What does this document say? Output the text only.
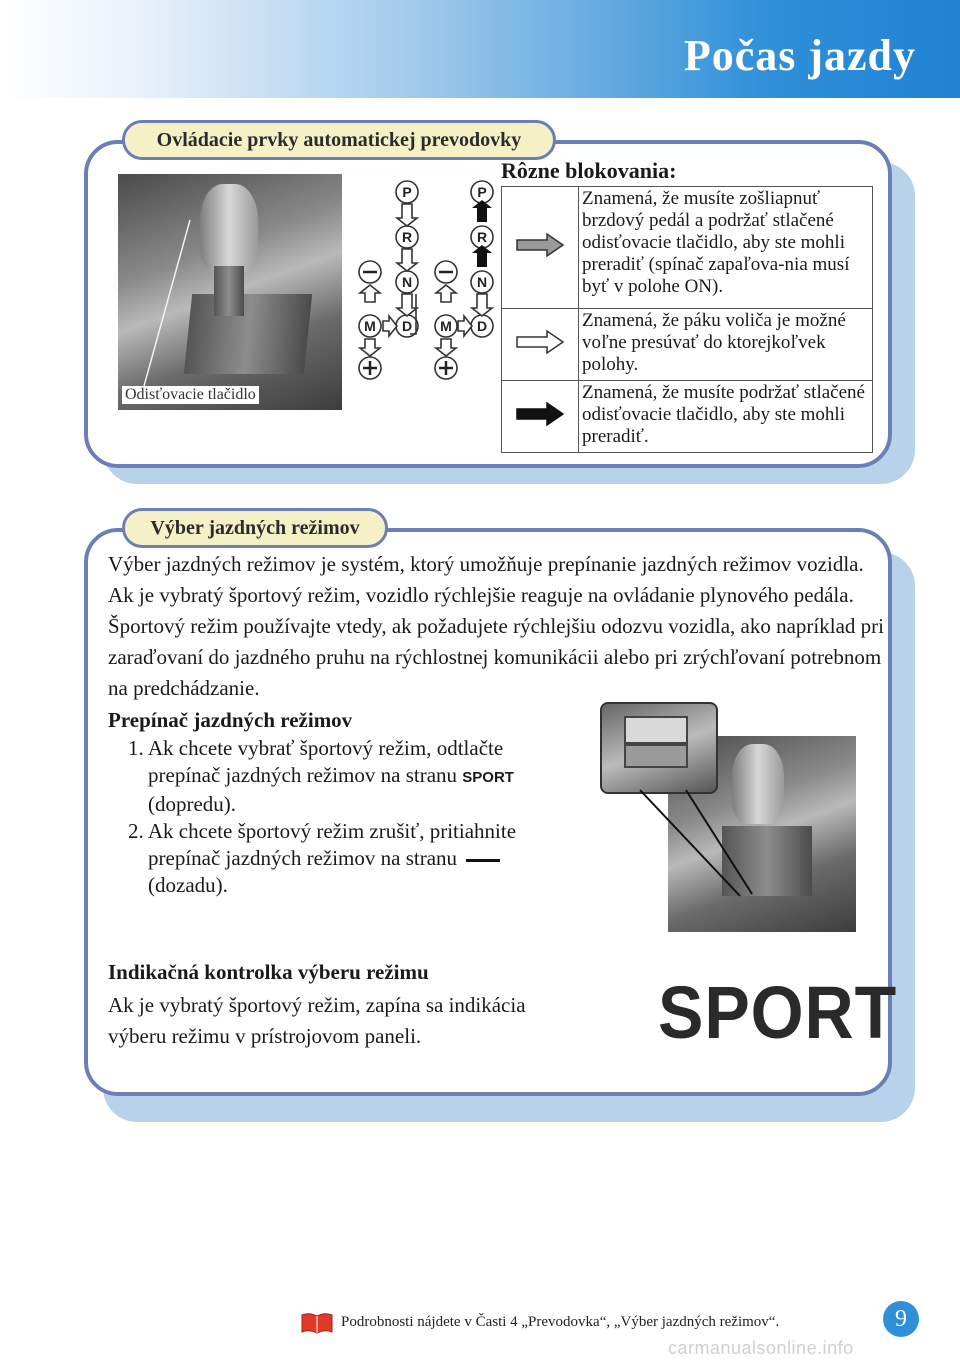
Počas jazdy
Ovládacie prvky automatickej prevodovky
Odisťovacie tlačidlo
P
R
N
M D
P
R
N
M D
Rôzne blokovania:
	Znamená, že musíte zošliapnuť brzdový pedál a podržať stlačené odisťovacie tlačidlo, aby ste mohli preradiť (spínač zapaľova-nia musí byť v polohe ON).
	Znamená, že páku voliča je možné voľne presúvať do ktorejkoľvek polohy.
	Znamená, že musíte podržať stlačené odisťovacie tlačidlo, aby ste mohli preradiť.
Výber jazdných režimov
Výber jazdných režimov je systém, ktorý umožňuje prepínanie jazdných režimov vozidla. Ak je vybratý športový režim, vozidlo rýchlejšie reaguje na ovládanie plynového pedála. Športový režim používajte vtedy, ak požadujete rýchlejšiu odozvu vozidla, ako napríklad pri zaraďovaní do jazdného pruhu na rýchlostnej komunikácii alebo pri zrýchľovaní potrebnom na predchádzanie.
Prepínač jazdných režimov
1. Ak chcete vybrať športový režim, odtlačte prepínač jazdných režimov na stranu SPORT
(dopredu).
2. Ak chcete športový režim zrušiť, pritiahnite prepínač jazdných režimov na stranu
(dozadu).
Indikačná kontrolka výberu režimu
Ak je vybratý športový režim, zapína sa indikácia výberu režimu v prístrojovom paneli.	SPORT
Podrobnosti nájdete v Časti 4 „Prevodovka“, „Výber jazdných režimov“.	9
carmanualsonline.info
